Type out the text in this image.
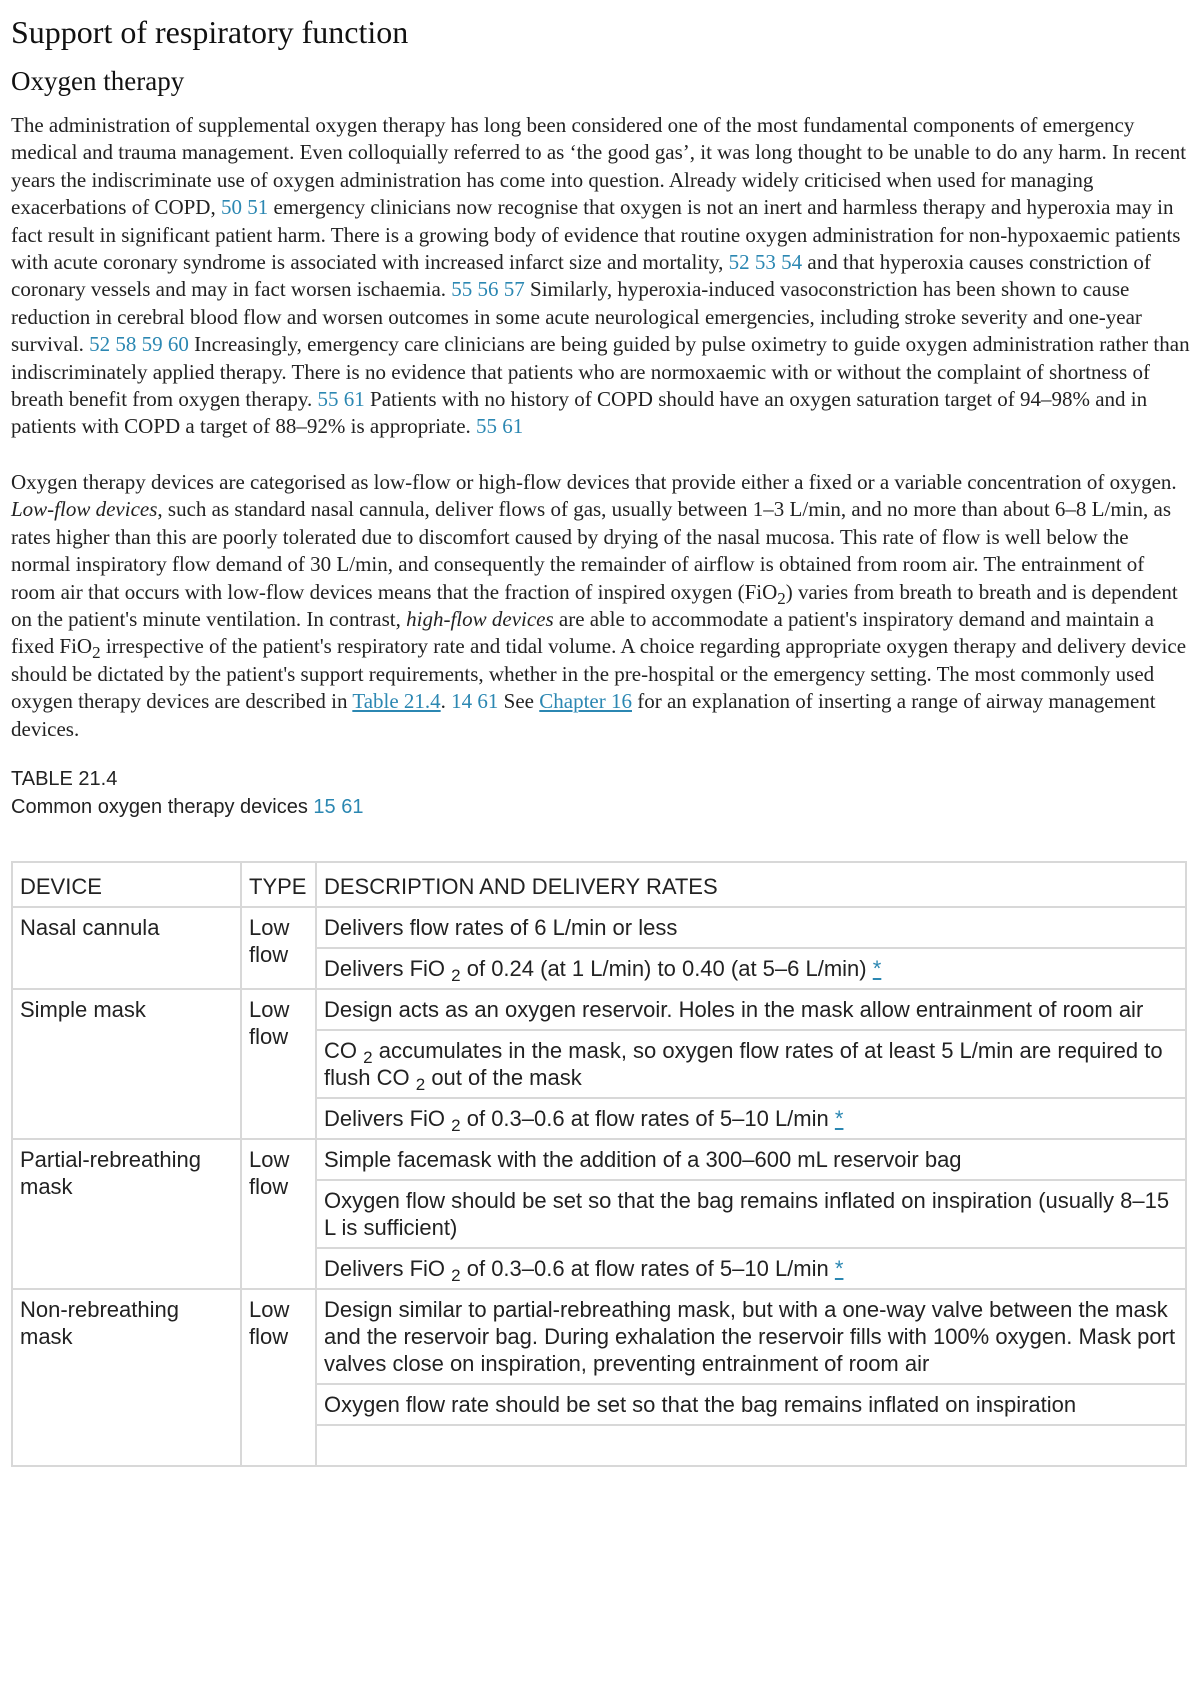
Support of respiratory function
Oxygen therapy

The administration of supplemental oxygen therapy has long been considered one of the most fundamental components of emergency medical and trauma management. Even colloquially referred to as ‘the good gas’, it was long thought to be unable to do any harm. In recent years the indiscriminate use of oxygen administration has come into question. Already widely criticised when used for managing exacerbations of COPD, 50 51 emergency clinicians now recognise that oxygen is not an inert and harmless therapy and hyperoxia may in fact result in significant patient harm. There is a growing body of evidence that routine oxygen administration for non-hypoxaemic patients with acute coronary syndrome is associated with increased infarct size and mortality, 52 53 54 and that hyperoxia causes constriction of coronary vessels and may in fact worsen ischaemia. 55 56 57 Similarly, hyperoxia-induced vasoconstriction has been shown to cause reduction in cerebral blood flow and worsen outcomes in some acute neurological emergencies, including stroke severity and one-year survival. 52 58 59 60 Increasingly, emergency care clinicians are being guided by pulse oximetry to guide oxygen administration rather than indiscriminately applied therapy. There is no evidence that patients who are normoxaemic with or without the complaint of shortness of breath benefit from oxygen therapy. 55 61 Patients with no history of COPD should have an oxygen saturation target of 94–98% and in patients with COPD a target of 88–92% is appropriate. 55 61

Oxygen therapy devices are categorised as low-flow or high-flow devices that provide either a fixed or a variable concentration of oxygen. Low-flow devices, such as standard nasal cannula, deliver flows of gas, usually between 1–3 L/min, and no more than about 6–8 L/min, as rates higher than this are poorly tolerated due to discomfort caused by drying of the nasal mucosa. This rate of flow is well below the normal inspiratory flow demand of 30 L/min, and consequently the remainder of airflow is obtained from room air. The entrainment of room air that occurs with low-flow devices means that the fraction of inspired oxygen (FiO$_2$) varies from breath to breath and is dependent on the patient's minute ventilation. In contrast, high-flow devices are able to accommodate a patient's inspiratory demand and maintain a fixed FiO$_2$ irrespective of the patient's respiratory rate and tidal volume. A choice regarding appropriate oxygen therapy and delivery device should be dictated by the patient's support requirements, whether in the pre-hospital or the emergency setting. The most commonly used oxygen therapy devices are described in Table 21.4. 14 61 See Chapter 16 for an explanation of inserting a range of airway management devices.

TABLE 21.4
Common oxygen therapy devices 15 61
DEVICE	TYPE	DESCRIPTION AND DELIVERY RATES
Nasal cannula	Low flow	Delivers flow rates of 6 L/min or less
		Delivers FiO $_2$ of 0.24 (at 1 L/min) to 0.40 (at 5–6 L/min) *
Simple mask	Low flow	Design acts as an oxygen reservoir. Holes in the mask allow entrainment of room air
		CO $_2$ accumulates in the mask, so oxygen flow rates of at least 5 L/min are required to flush CO $_2$ out of the mask
		Delivers FiO $_2$ of 0.3–0.6 at flow rates of 5–10 L/min *
Partial-rebreathing mask	Low flow	Simple facemask with the addition of a 300–600 mL reservoir bag
		Oxygen flow should be set so that the bag remains inflated on inspiration (usually 8–15 L is sufficient)
		Delivers FiO $_2$ of 0.3–0.6 at flow rates of 5–10 L/min *
Non-rebreathing mask	Low flow	Design similar to partial-rebreathing mask, but with a one-way valve between the mask and the reservoir bag. During exhalation the reservoir fills with 100% oxygen. Mask port valves close on inspiration, preventing entrainment of room air
		Oxygen flow rate should be set so that the bag remains inflated on inspiration
